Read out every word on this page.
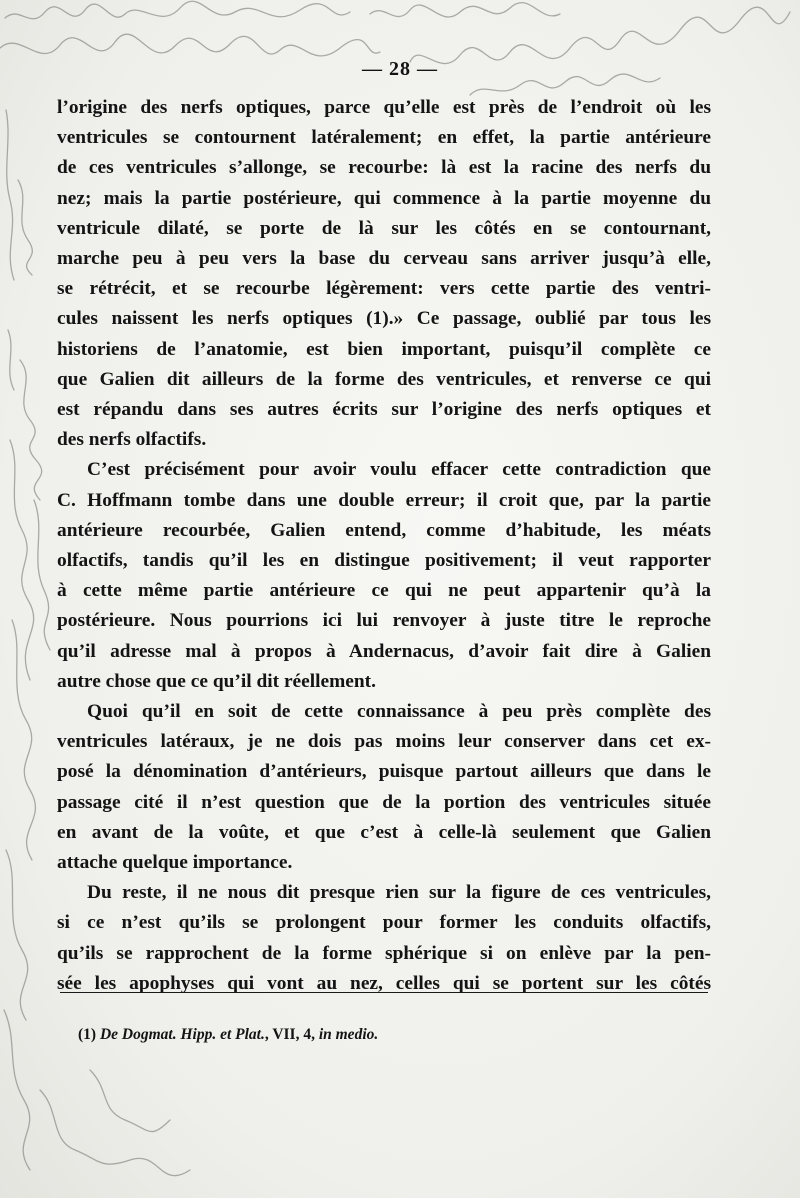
— 28 —

l’origine des nerfs optiques, parce qu’elle est près de l’endroit où les
ventricules se contournent latéralement; en effet, la partie antérieure
de ces ventricules s’allonge, se recourbe: là est la racine des nerfs du
nez; mais la partie postérieure, qui commence à la partie moyenne du
ventricule dilaté, se porte de là sur les côtés en se contournant,
marche peu à peu vers la base du cerveau sans arriver jusqu’à elle,
se rétrécit, et se recourbe légèrement: vers cette partie des ventri-
cules naissent les nerfs optiques (1).» Ce passage, oublié par tous les
historiens de l’anatomie, est bien important, puisqu’il complète ce
que Galien dit ailleurs de la forme des ventricules, et renverse ce qui
est répandu dans ses autres écrits sur l’origine des nerfs optiques et
des nerfs olfactifs.

C’est précisément pour avoir voulu effacer cette contradiction que
C. Hoffmann tombe dans une double erreur; il croit que, par la partie
antérieure recourbée, Galien entend, comme d’habitude, les méats
olfactifs, tandis qu’il les en distingue positivement; il veut rapporter
à cette même partie antérieure ce qui ne peut appartenir qu’à la
postérieure. Nous pourrions ici lui renvoyer à juste titre le reproche
qu’il adresse mal à propos à Andernacus, d’avoir fait dire à Galien
autre chose que ce qu’il dit réellement.

Quoi qu’il en soit de cette connaissance à peu près complète des
ventricules latéraux, je ne dois pas moins leur conserver dans cet ex-
posé la dénomination d’antérieurs, puisque partout ailleurs que dans le
passage cité il n’est question que de la portion des ventricules située
en avant de la voûte, et que c’est à celle-là seulement que Galien
attache quelque importance.

Du reste, il ne nous dit presque rien sur la figure de ces ventricules,
si ce n’est qu’ils se prolongent pour former les conduits olfactifs,
qu’ils se rapprochent de la forme sphérique si on enlève par la pen-
sée les apophyses qui vont au nez, celles qui se portent sur les côtés

(1) De Dogmat. Hipp. et Plat., VII, 4, in medio.
